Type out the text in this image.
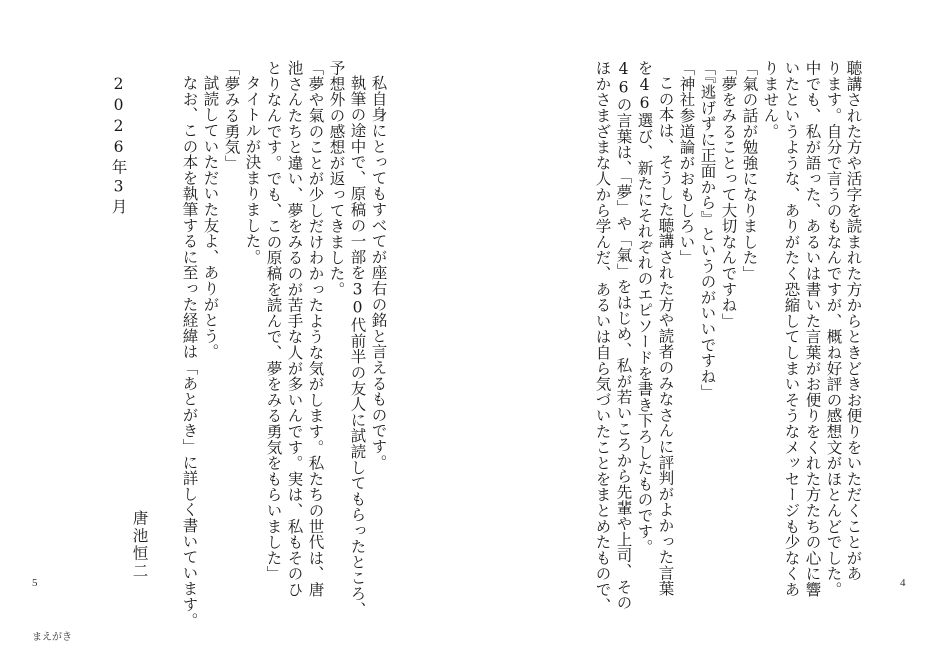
聴講された方や活字を読まれた方からときどきお便りをいただくことがあ
ります。自分で言うのもなんですが、概ね好評の感想文がほとんどでした。
中でも、私が語った、あるいは書いた言葉がお便りをくれた方たちの心に響
いたというような、ありがたく恐縮してしまいそうなメッセージも少なくあ
りません。
「氣の話が勉強になりました」
「夢をみることって大切なんですね」
「『逃げずに正面から』というのがいいですね」
「神社参道論がおもしろい」
この本は、そうした聴講された方や読者のみなさんに評判がよかった言葉
を46選び、新たにそれぞれのエピソードを書き下ろしたものです。
46の言葉は、「夢」や「氣」をはじめ、私が若いころから先輩や上司、その
ほかさまざまな人から学んだ、あるいは自ら気づいたことをまとめたもので、	4
私自身にとってもすべてが座右の銘と言えるものです。
執筆の途中で、原稿の一部を30代前半の友人に試読してもらったところ、
予想外の感想が返ってきました。
「夢や氣のことが少しだけわかったような気がします。私たちの世代は、唐
池さんたちと違い、夢をみるのが苦手な人が多いんです。実は、私もそのひ
とりなんです。でも、この原稿を読んで、夢をみる勇気をもらいました」
タイトルが決まりました。
「夢みる勇気」
試読していただいた友よ、ありがとう。
なお、この本を執筆するに至った経緯は「あとがき」に詳しく書いています。
2026年3月
唐池恒二
5
まえがき
